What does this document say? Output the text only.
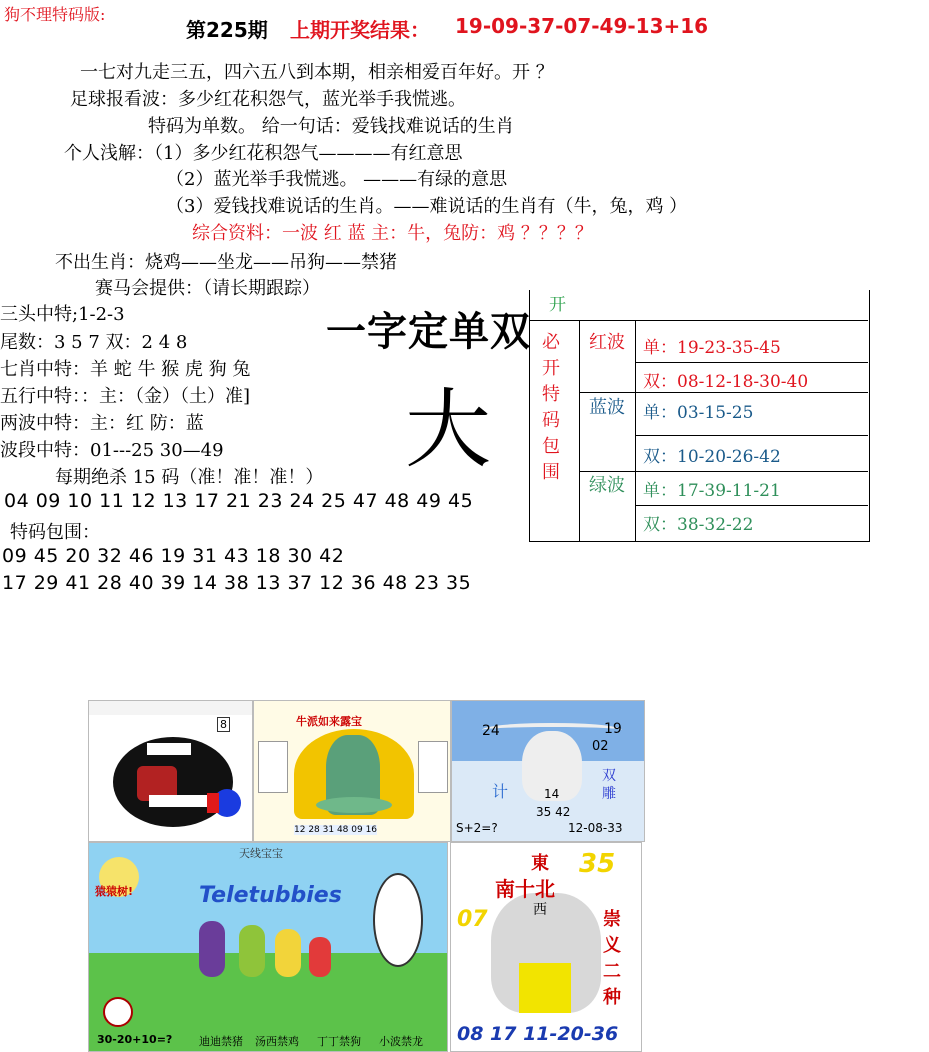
狗不理特码版:
第225期 上期开奖结果： 19-09-37-07-49-13+16
一七对九走三五，四六五八到本期，相亲相爱百年好。开 ？
足球报看波：多少红花积怨气，蓝光举手我慌逃。
特码为单数。 给一句话：爱钱找难说话的生肖
个人浅解：（1）多少红花积怨气————有红意思
（2）蓝光举手我慌逃。 ———有绿的意思
（3）爱钱找难说话的生肖。——难说话的生肖有（牛，兔，鸡 ）
综合资料：一波 红 蓝 主：牛，兔防：鸡 ？？？？
不出生肖：烧鸡——坐龙——吊狗——禁猪
赛马会提供：（请长期跟踪）
三头中特;1-2-3
尾数：3 5 7 双：2 4 8
七肖中特：羊 蛇 牛 猴 虎 狗 兔
五行中特：：主：（金）（土）准]
两波中特：主：红 防：蓝
波段中特：01---25 30—49
每期绝杀 15 码（准！准！准！）
04 09 10 11 12 13 17 21 23 24 25 47 48 49 45
特码包围：
09 45 20 32 46 19 31 43 18 30 42
17 29 41 28 40 39 14 38 13 37 12 36 48 23 35
一字定单双
大
开
必开特码包围
红波 单：19-23-35-45
双：08-12-18-30-40
蓝波 单：03-15-25
双：10-20-26-42
绿波 单：17-39-11-21
双：38-32-22
8	牛派如来露宝
12 28 31 48 09 16
24	19
02
14
计
双雕
35 42
S+2=?	12-08-33
Teletubbies
天线宝宝
猿猿树!
30-20+10=? 迪迪禁猪 汤西禁鸡 丁丁禁狗 小波禁龙
東
南十北
西
35
07	崇义二种
08 17 11-20-36
